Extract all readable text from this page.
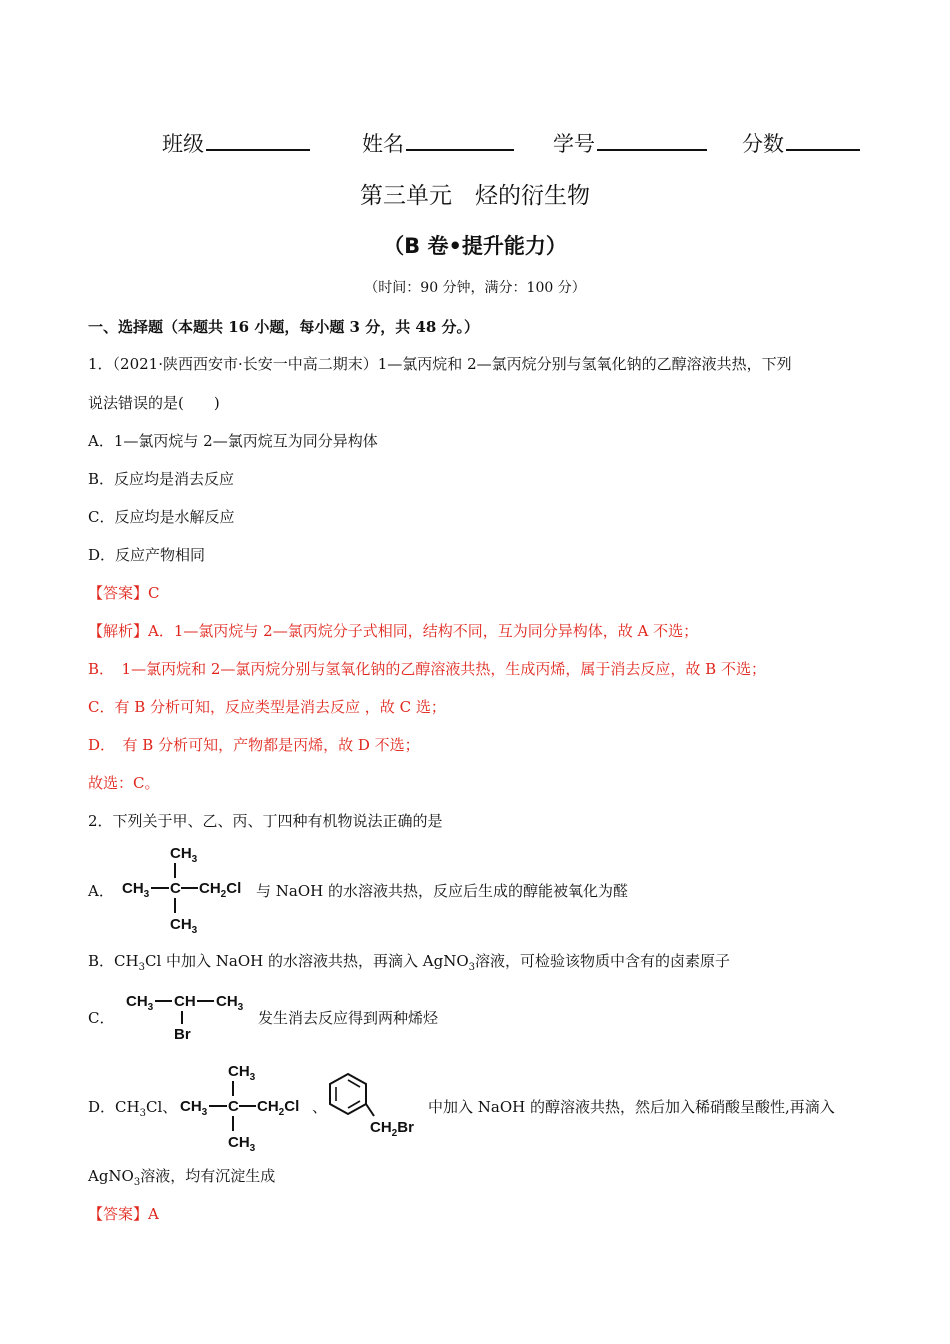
班级	姓名	学号	分数
第三单元　烃的衍生物
（B 卷•提升能力）
（时间：90 分钟，满分：100 分）
一、选择题（本题共 16 小题，每小题 3 分，共 48 分。）
1．（2021·陕西西安市·长安一中高二期末）1—氯丙烷和 2—氯丙烷分别与氢氧化钠的乙醇溶液共热，下列
说法错误的是(　　)
A．1—氯丙烷与 2—氯丙烷互为同分异构体
B．反应均是消去反应
C．反应均是水解反应
D．反应产物相同
【答案】C
【解析】A．1—氯丙烷与 2—氯丙烷分子式相同，结构不同，互为同分异构体，故 A 不选；
B．　1—氯丙烷和 2—氯丙烷分别与氢氧化钠的乙醇溶液共热，生成丙烯，属于消去反应，故 B 不选；
C．有 B 分析可知，反应类型是消去反应 ，故 C 选；
D．　有 B 分析可知，产物都是丙烯，故 D 不选；
故选：C。
2．下列关于甲、乙、丙、丁四种有机物说法正确的是
A．
$CH_3$
$CH_3$ C $CH_2Cl$
$CH_3$
与 NaOH 的水溶液共热，反应后生成的醇能被氧化为醛
B．$CH_3Cl$ 中加入 NaOH 的水溶液共热，再滴入 AgNO$_3$溶液，可检验该物质中含有的卤素原子
C．
$CH_3$ CH $CH_3$
Br
发生消去反应得到两种烯烃
D．$CH_3Cl$、
$CH_3$
$CH_3$ C $CH_2Cl$
$CH_3$
、
$CH_2Br$
中加入 NaOH 的醇溶液共热，然后加入稀硝酸呈酸性,再滴入
AgNO$_3$溶液，均有沉淀生成
【答案】A
